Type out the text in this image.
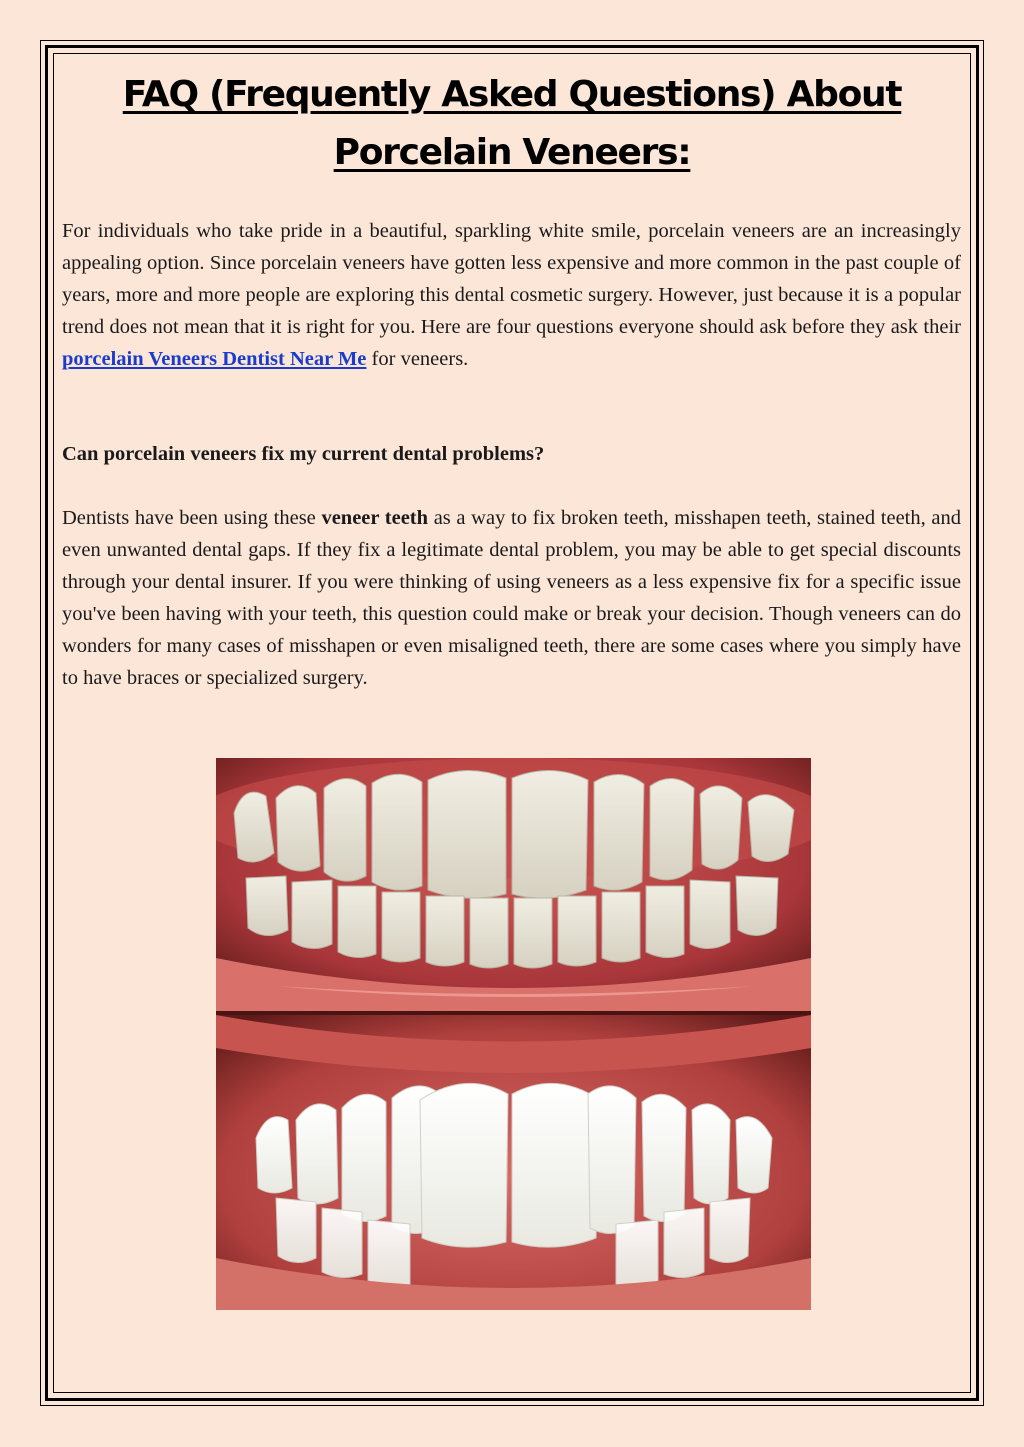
FAQ (Frequently Asked Questions) About
Porcelain Veneers:

For individuals who take pride in a beautiful, sparkling white smile, porcelain veneers are an increasingly appealing option. Since porcelain veneers have gotten less expensive and more common in the past couple of years, more and more people are exploring this dental cosmetic surgery. However, just because it is a popular trend does not mean that it is right for you. Here are four questions everyone should ask before they ask their porcelain Veneers Dentist Near Me for veneers.

Can porcelain veneers fix my current dental problems?

Dentists have been using these veneer teeth as a way to fix broken teeth, misshapen teeth, stained teeth, and even unwanted dental gaps. If they fix a legitimate dental problem, you may be able to get special discounts through your dental insurer. If you were thinking of using veneers as a less expensive fix for a specific issue you've been having with your teeth, this question could make or break your decision. Though veneers can do wonders for many cases of misshapen or even misaligned teeth, there are some cases where you simply have to have braces or specialized surgery.
